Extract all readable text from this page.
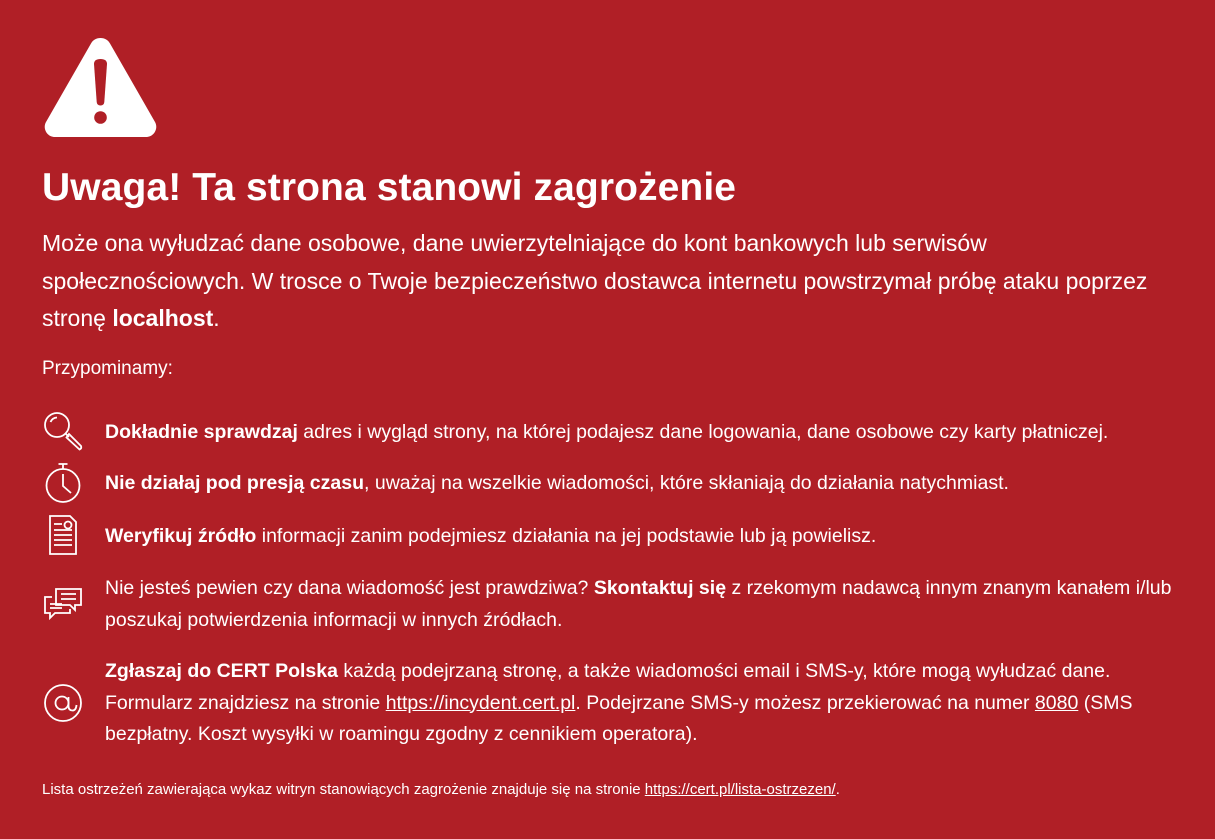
Uwaga! Ta strona stanowi zagrożenie

Może ona wyłudzać dane osobowe, dane uwierzytelniające do kont bankowych lub serwisów społecznościowych. W trosce o Twoje bezpieczeństwo dostawca internetu powstrzymał próbę ataku poprzez stronę localhost.

Przypominamy:

Dokładnie sprawdzaj adres i wygląd strony, na której podajesz dane logowania, dane osobowe czy karty płatniczej.
Nie działaj pod presją czasu, uważaj na wszelkie wiadomości, które skłaniają do działania natychmiast.
Weryfikuj źródło informacji zanim podejmiesz działania na jej podstawie lub ją powielisz.
Nie jesteś pewien czy dana wiadomość jest prawdziwa? Skontaktuj się z rzekomym nadawcą innym znanym kanałem i/lub poszukaj potwierdzenia informacji w innych źródłach.
Zgłaszaj do CERT Polska każdą podejrzaną stronę, a także wiadomości email i SMS-y, które mogą wyłudzać dane. Formularz znajdziesz na stronie https://incydent.cert.pl. Podejrzane SMS-y możesz przekierować na numer 8080 (SMS bezpłatny. Koszt wysyłki w roamingu zgodny z cennikiem operatora).

Lista ostrzeżeń zawierająca wykaz witryn stanowiących zagrożenie znajduje się na stronie https://cert.pl/lista-ostrzezen/.
